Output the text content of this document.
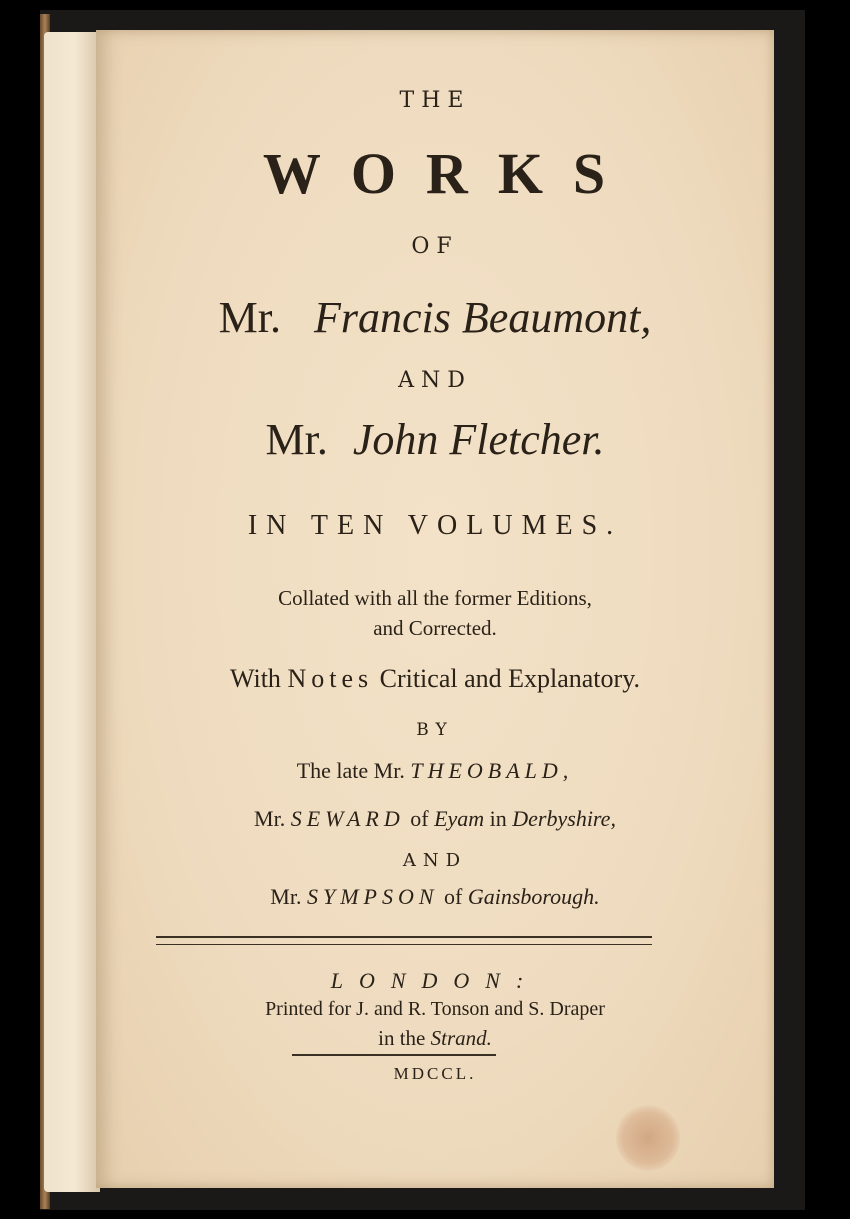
THE
WORKS
OF
Mr. Francis Beaumont,
AND
Mr. John Fletcher.
IN TEN VOLUMES.
Collated with all the former Editions,
and Corrected.
With Notes Critical and Explanatory.
BY
The late Mr. THEOBALD,
Mr. SEWARD of Eyam in Derbyshire,
AND
Mr. SYMPSON of Gainsborough.
LONDON:
Printed for J. and R. Tonson and S. Draper
in the Strand.
MDCCL.
